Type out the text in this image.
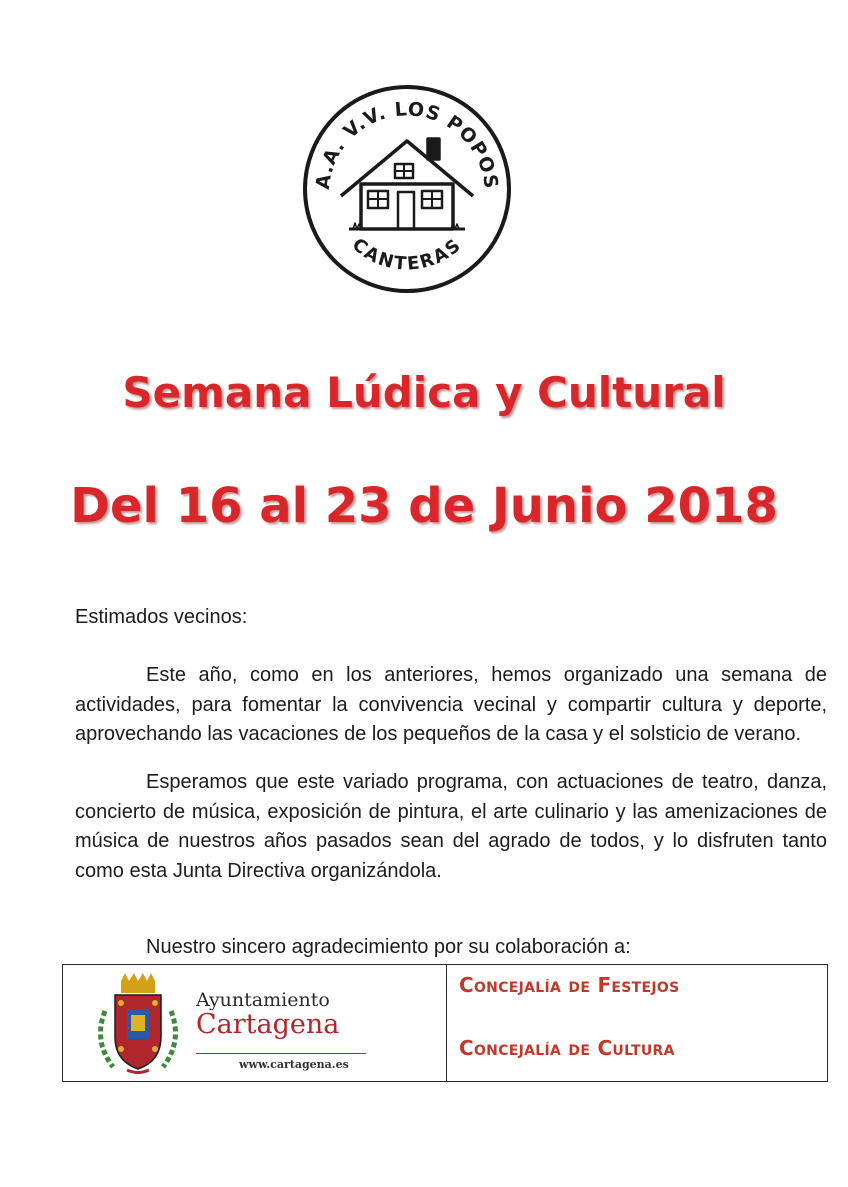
A.A. V.V. LOS POPOS
CANTERAS
Semana Lúdica y Cultural
Del 16 al 23 de Junio 2018
Estimados vecinos:
Este año, como en los anteriores, hemos organizado una semana de actividades, para fomentar la convivencia vecinal y compartir cultura y deporte, aprovechando las vacaciones de los pequeños de la casa y el solsticio de verano.
Esperamos que este variado programa, con actuaciones de teatro, danza, concierto de música, exposición de pintura, el arte culinario y las amenizaciones de música de nuestros años pasados sean del agrado de todos, y lo disfruten tanto como esta Junta Directiva organizándola.
Nuestro sincero agradecimiento por su colaboración a:
Ayuntamiento
Cartagena
www.cartagena.es
Concejalía de Festejos
Concejalía de Cultura
